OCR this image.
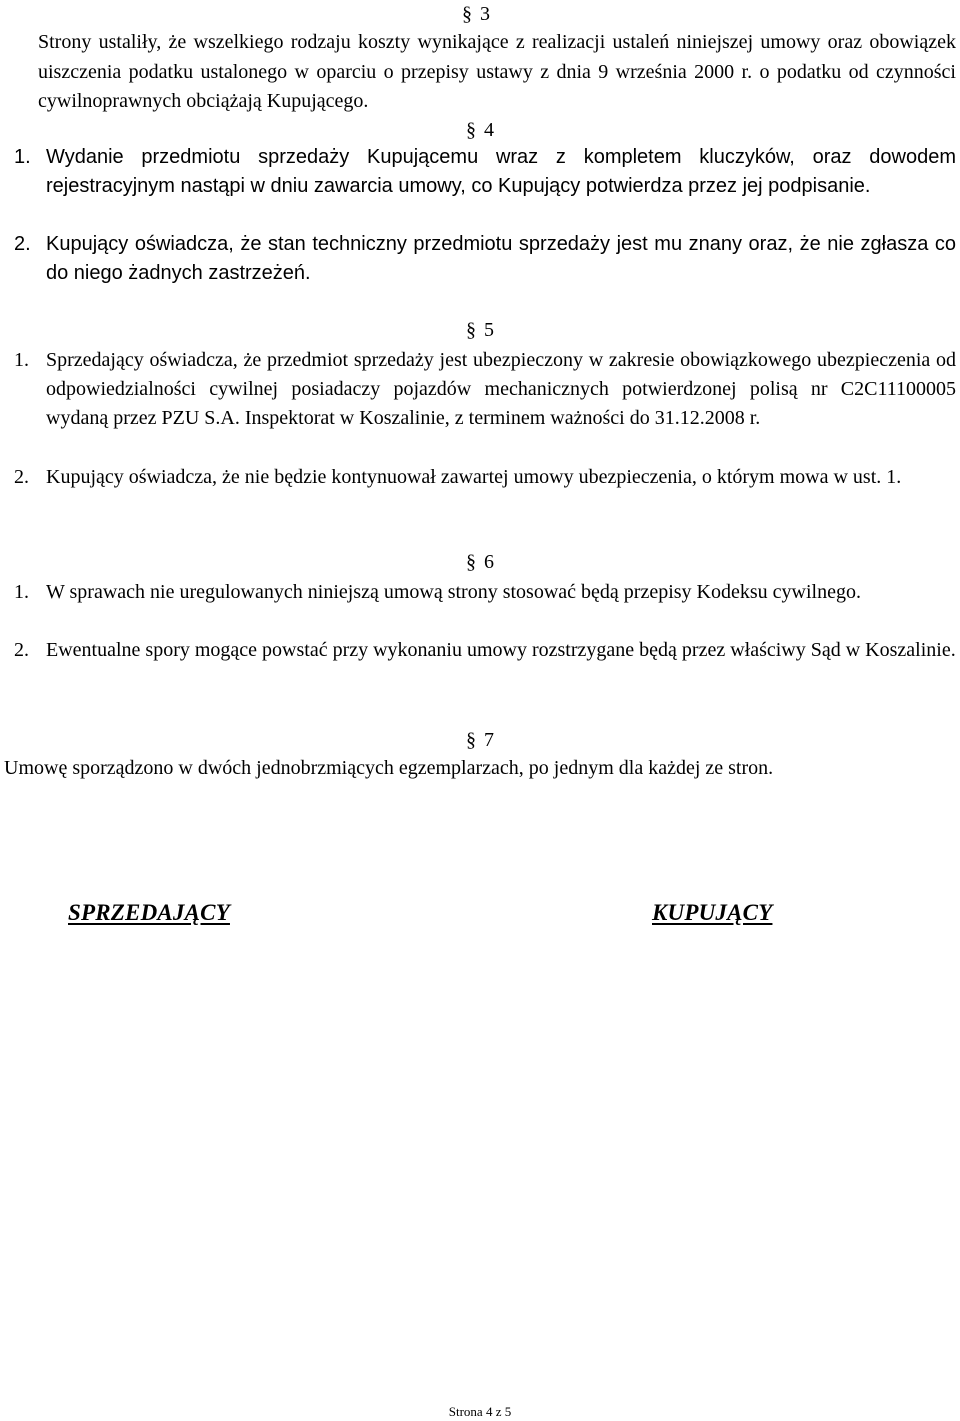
§ 3

Strony ustaliły, że wszelkiego rodzaju koszty wynikające z realizacji ustaleń niniejszej umowy oraz obowiązek uiszczenia podatku ustalonego w oparciu o przepisy ustawy z dnia 9 września 2000 r. o podatku od czynności cywilnoprawnych obciążają Kupującego.

§ 4
1. Wydanie przedmiotu sprzedaży Kupującemu wraz z kompletem kluczyków, oraz dowodem rejestracyjnym nastąpi w dniu zawarcia umowy, co Kupujący potwierdza przez jej podpisanie.
2. Kupujący oświadcza, że stan techniczny przedmiotu sprzedaży jest mu znany oraz, że nie zgłasza co do niego żadnych zastrzeżeń.
§ 5
1. Sprzedający oświadcza, że przedmiot sprzedaży jest ubezpieczony w zakresie obowiązkowego ubezpieczenia od odpowiedzialności cywilnej posiadaczy pojazdów mechanicznych potwierdzonej polisą nr C2C11100005 wydaną przez PZU S.A. Inspektorat w Koszalinie, z terminem ważności do 31.12.2008 r.
2. Kupujący oświadcza, że nie będzie kontynuował zawartej umowy ubezpieczenia, o którym mowa w ust. 1.
§ 6
1. W sprawach nie uregulowanych niniejszą umową strony stosować będą przepisy Kodeksu cywilnego.
2. Ewentualne spory mogące powstać przy wykonaniu umowy rozstrzygane będą przez właściwy Sąd w Koszalinie.
§ 7

Umowę sporządzono w dwóch jednobrzmiących egzemplarzach, po jednym dla każdej ze stron.

SPRZEDAJĄCY	KUPUJĄCY
Strona 4 z 5
